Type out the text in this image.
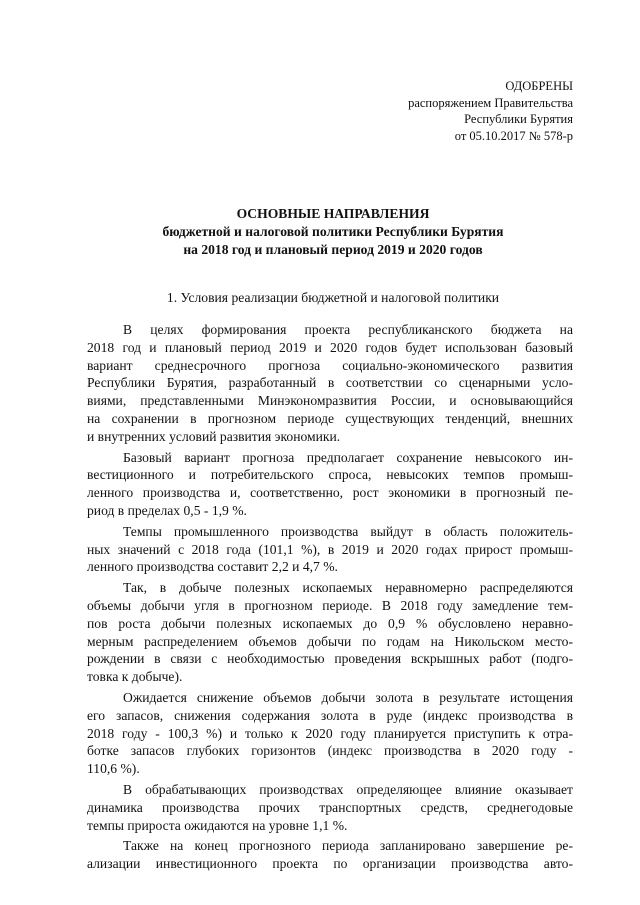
ОДОБРЕНЫ
распоряжением Правительства
Республики Бурятия
от 05.10.2017 № 578-р
ОСНОВНЫЕ НАПРАВЛЕНИЯ
бюджетной и налоговой политики Республики Бурятия
на 2018 год и плановый период 2019 и 2020 годов
1. Условия реализации бюджетной и налоговой политики
В целях формирования проекта республиканского бюджета на
2018 год и плановый период 2019 и 2020 годов будет использован базовый
вариант среднесрочного прогноза социально-экономического развития
Республики Бурятия, разработанный в соответствии со сценарными усло-
виями, представленными Минэкономразвития России, и основывающийся
на сохранении в прогнозном периоде существующих тенденций, внешних
и внутренних условий развития экономики.
Базовый вариант прогноза предполагает сохранение невысокого ин-
вестиционного и потребительского спроса, невысоких темпов промыш-
ленного производства и, соответственно, рост экономики в прогнозный пе-
риод в пределах 0,5 - 1,9 %.
Темпы промышленного производства выйдут в область положитель-
ных значений с 2018 года (101,1 %), в 2019 и 2020 годах прирост промыш-
ленного производства составит 2,2 и 4,7 %.
Так, в добыче полезных ископаемых неравномерно распределяются
объемы добычи угля в прогнозном периоде. В 2018 году замедление тем-
пов роста добычи полезных ископаемых до 0,9 % обусловлено неравно-
мерным распределением объемов добычи по годам на Никольском место-
рождении в связи с необходимостью проведения вскрышных работ (подго-
товка к добыче).
Ожидается снижение объемов добычи золота в результате истощения
его запасов, снижения содержания золота в руде (индекс производства в
2018 году - 100,3 %) и только к 2020 году планируется приступить к отра-
ботке запасов глубоких горизонтов (индекс производства в 2020 году -
110,6 %).
В обрабатывающих производствах определяющее влияние оказывает
динамика производства прочих транспортных средств, среднегодовые
темпы прироста ожидаются на уровне 1,1 %.
Также на конец прогнозного периода запланировано завершение ре-
ализации инвестиционного проекта по организации производства авто-
